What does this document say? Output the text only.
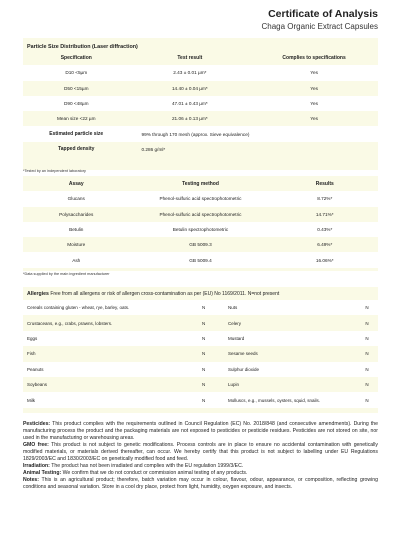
Certificate of Analysis
Chaga Organic Extract Capsules
Particle Size Distribution (Laser diffraction)
Specification	Test result	Complies to specifications
D10 <5µm	2.43 ± 0.01 µm*	Yes
D50 <15µm	14.40 ± 0.04 µm*	Yes
D90 <48µm	47.01 ± 0.43 µm*	Yes
Mean size <22 µm	21.06 ± 0.13 µm*	Yes
Estimated particle size	99% through 170 mesh (approx. Sieve equivalence)	
Tapped density	0.286 g/ml*	
*Tested by an independent laboratory
Assay	Testing method	Results
Glucans	Phenol-sulfuric acid spectrophotometric	8.72%*
Polysaccharides	Phenol-sulfuric acid spectrophotometric	14.71%*
Betulin	Betulin spectrophotometric	0.43%*
Moisture	GB 5009.3	6.49%*
Ash	GB 5009.4	16.06%*
*Data supplied by the main ingredient manufacturer
Allergies Free from all allergens or risk of allergen cross-contamination as per (EU) No 1169/2011. N=not present
Cereals containing gluten - wheat, rye, barley, oats.	N	Nuts	N
Crustaceans, e.g., crabs, prawns, lobsters.	N	Celery	N
Eggs	N	Mustard	N
Fish	N	Sesame seeds	N
Peanuts	N	Sulphur dioxide	N
Soybeans	N	Lupin	N
Milk	N	Molluscs, e.g., mussels, oysters, squid, snails.	N

Pesticides: This product complies with the requirements outlined in Council Regulation (EC) No. 2018/848 (and consecutive amendments). During the manufacturing process the product and the packaging materials are not exposed to pesticides or pesticide residues. Pesticides are not stored on site, nor used in the manufacturing or warehousing areas.

GMO free: This product is not subject to genetic modifications. Process controls are in place to ensure no accidental contamination with genetically modified materials, or materials derived thereafter, can occur. We hereby certify that this product is not subject to labelling under EU Regulations 1829/2003/EC and 1830/2003/EC on genetically modified food and feed.

Irradiation: The product has not been irradiated and complies with the EU regulation 1999/3/EC.

Animal Testing: We confirm that we do not conduct or commission animal testing of any products.

Notes: This is an agricultural product; therefore, batch variation may occur in colour, flavour, odour, appearance, or composition, reflecting growing conditions and seasonal variation. Store in a cool dry place, protect from light, humidity, oxygen exposure, and insects.
